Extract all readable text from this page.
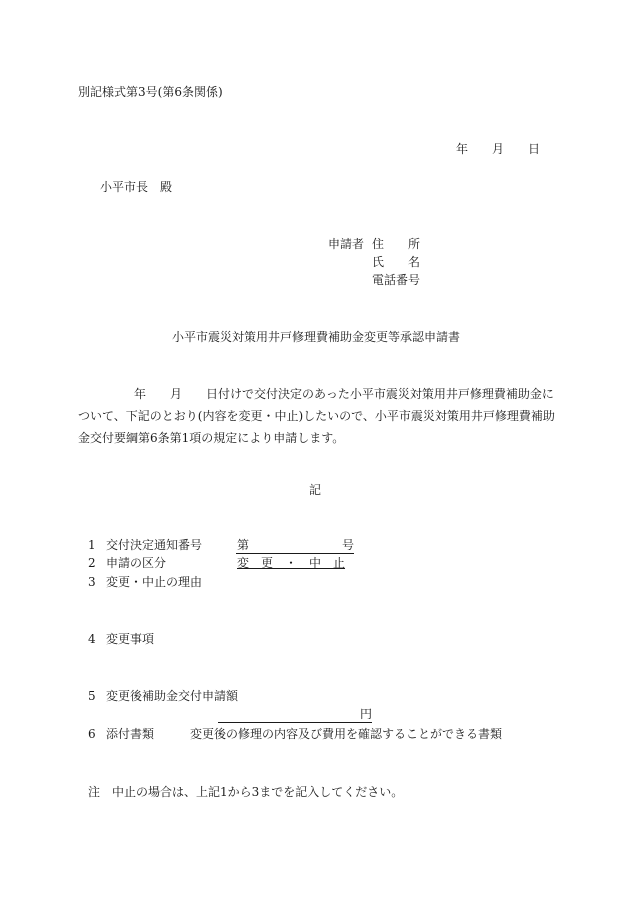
別記様式第3号(第6条関係)
年 月 日
小平市長　殿
申請者 住　　所
氏　　名
電話番号
小平市震災対策用井戸修理費補助金変更等承認申請書
年 月 日付けで交付決定のあった小平市震災対策用井戸修理費補助金について、下記のとおり(内容を変更・中止)したいので、小平市震災対策用井戸修理費補助金交付要綱第6条第1項の規定により申請します。
記
1 交付決定通知番号	第	号
2 申請の区分	変　更　・　中　止
3 変更・中止の理由
4 変更事項
5 変更後補助金交付申請額
円
6 添付書類	変更後の修理の内容及び費用を確認することができる書類
注　中止の場合は、上記1から3までを記入してください。
